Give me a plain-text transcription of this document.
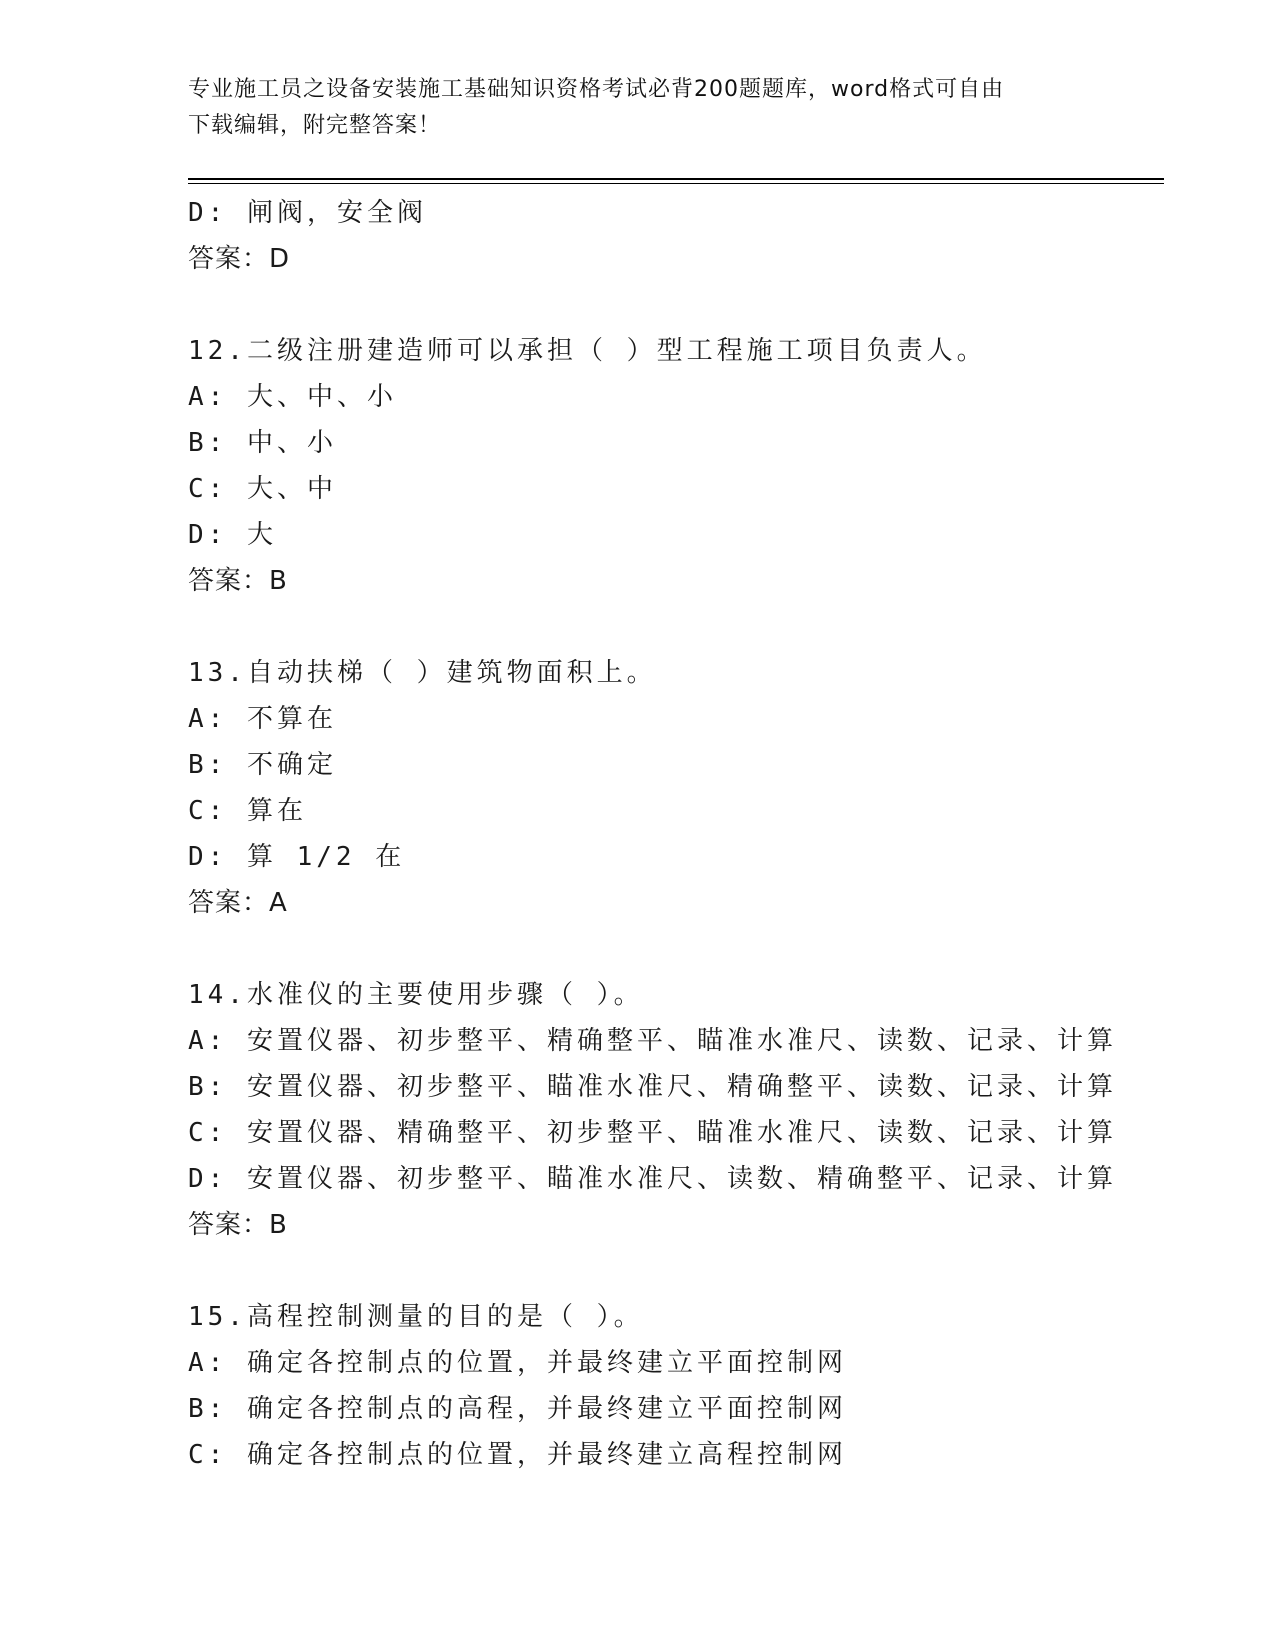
专业施工员之设备安装施工基础知识资格考试必背200题题库，word格式可自由
下载编辑，附完整答案！
D: 闸阀，安全阀
答案：D
12.二级注册建造师可以承担（ ）型工程施工项目负责人。
A: 大、中、小
B: 中、小
C: 大、中
D: 大
答案：B
13.自动扶梯（ ）建筑物面积上。
A: 不算在
B: 不确定
C: 算在
D: 算 1/2 在
答案：A
14.水准仪的主要使用步骤（ ）。
A: 安置仪器、初步整平、精确整平、瞄准水准尺、读数、记录、计算
B: 安置仪器、初步整平、瞄准水准尺、精确整平、读数、记录、计算
C: 安置仪器、精确整平、初步整平、瞄准水准尺、读数、记录、计算
D: 安置仪器、初步整平、瞄准水准尺、读数、精确整平、记录、计算
答案：B
15.高程控制测量的目的是（ ）。
A: 确定各控制点的位置，并最终建立平面控制网
B: 确定各控制点的高程，并最终建立平面控制网
C: 确定各控制点的位置，并最终建立高程控制网
